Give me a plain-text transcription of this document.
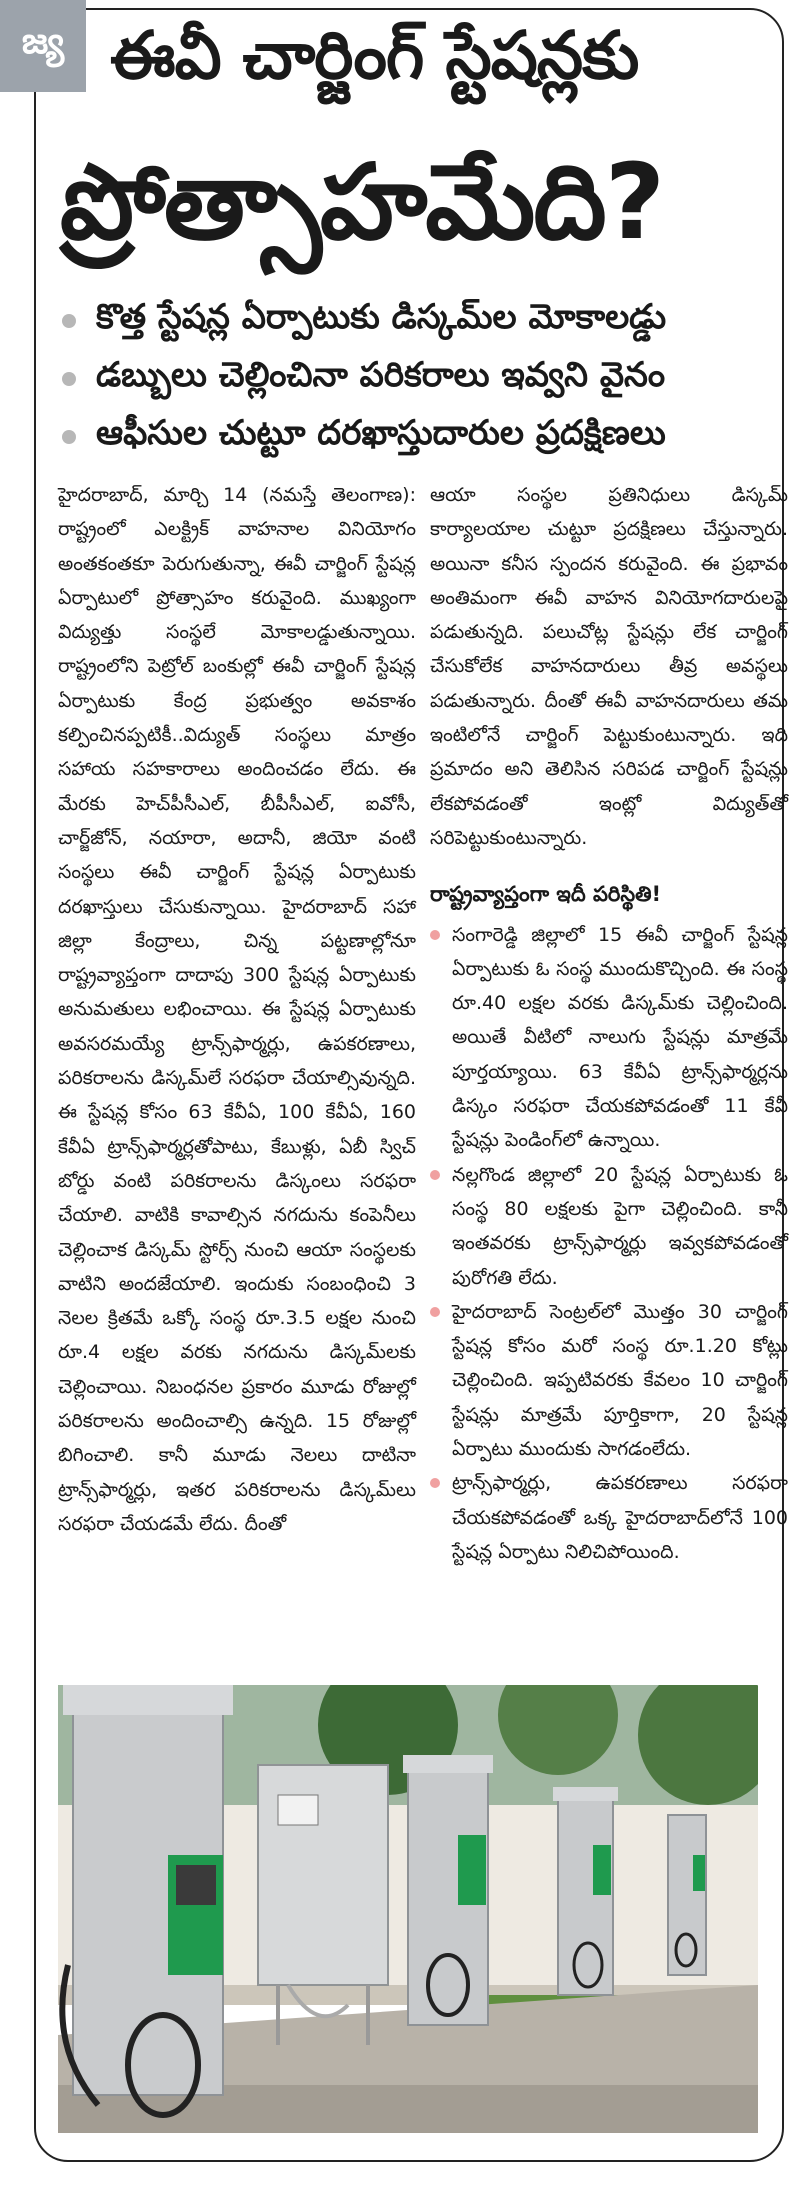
జ్య ఈవీ చార్జింగ్ స్టేషన్లకు
ప్రోత్సాహమేది?
కొత్త స్టేషన్ల ఏర్పాటుకు డిస్కమ్‌ల మోకాలడ్డు
డబ్బులు చెల్లించినా పరికరాలు ఇవ్వని వైనం
ఆఫీసుల చుట్టూ దరఖాస్తుదారుల ప్రదక్షిణలు

హైదరాబాద్, మార్చి 14 (నమస్తే తెలంగాణ): రాష్ట్రంలో ఎలక్ట్రిక్ వాహనాల వినియోగం అంతకంతకూ పెరుగుతున్నా, ఈవీ చార్జింగ్ స్టేషన్ల ఏర్పాటులో ప్రోత్సాహం కరువైంది. ముఖ్యంగా విద్యుత్తు సంస్థలే మోకాలడ్డుతున్నాయి. రాష్ట్రంలోని పెట్రోల్ బంకుల్లో ఈవీ చార్జింగ్ స్టేషన్ల ఏర్పాటుకు కేంద్ర ప్రభుత్వం అవకాశం కల్పించినప్పటికీ..విద్యుత్ సంస్థలు మాత్రం సహాయ సహకారాలు అందించడం లేదు. ఈ మేరకు హెచ్‌పీసీఎల్, బీపీసీఎల్, ఐవోసీ, చార్జ్‌జోన్, నయారా, అదానీ, జియో వంటి సంస్థలు ఈవీ చార్జింగ్ స్టేషన్ల ఏర్పాటుకు దరఖాస్తులు చేసుకున్నాయి. హైదరాబాద్ సహా జిల్లా కేంద్రాలు, చిన్న పట్టణాల్లోనూ రాష్ట్రవ్యాప్తంగా దాదాపు 300 స్టేషన్ల ఏర్పాటుకు అనుమతులు లభించాయి. ఈ స్టేషన్ల ఏర్పాటుకు అవసరమయ్యే ట్రాన్స్‌ఫార్మర్లు, ఉపకరణాలు, పరికరాలను డిస్కమ్‌లే సరఫరా చేయాల్సివున్నది. ఈ స్టేషన్ల కోసం 63 కేవీఏ, 100 కేవీఏ, 160 కేవీఏ ట్రాన్స్‌ఫార్మర్లతోపాటు, కేబుళ్లు, ఏబీ స్విచ్ బోర్డు వంటి పరికరాలను డిస్కంలు సరఫరా చేయాలి. వాటికి కావాల్సిన నగదును కంపెనీలు చెల్లించాక డిస్కమ్ స్టోర్స్ నుంచి ఆయా సంస్థలకు వాటిని అందజేయాలి. ఇందుకు సంబంధించి 3 నెలల క్రితమే ఒక్కో సంస్థ రూ.3.5 లక్షల నుంచి రూ.4 లక్షల వరకు నగదును డిస్కమ్‌లకు చెల్లించాయి. నిబంధనల ప్రకారం మూడు రోజుల్లో పరికరాలను అందించాల్సి ఉన్నది. 15 రోజుల్లో బిగించాలి. కానీ మూడు నెలలు దాటినా ట్రాన్స్‌ఫార్మర్లు, ఇతర పరికరాలను డిస్కమ్‌లు సరఫరా చేయడమే లేదు. దీంతో

ఆయా సంస్థల ప్రతినిధులు డిస్కమ్ కార్యాలయాల చుట్టూ ప్రదక్షిణలు చేస్తున్నారు. అయినా కనీస స్పందన కరువైంది. ఈ ప్రభావం అంతిమంగా ఈవీ వాహన వినియోగదారులపై పడుతున్నది. పలుచోట్ల స్టేషన్లు లేక చార్జింగ్ చేసుకోలేక వాహనదారులు తీవ్ర అవస్థలు పడుతున్నారు. దీంతో ఈవీ వాహనదారులు తమ ఇంటిలోనే చార్జింగ్ పెట్టుకుంటున్నారు. ఇది ప్రమాదం అని తెలిసిన సరిపడ చార్జింగ్ స్టేషన్లు లేకపోవడంతో ఇంట్లో విద్యుత్‌తో సరిపెట్టుకుంటున్నారు.

రాష్ట్రవ్యాప్తంగా ఇదీ పరిస్థితి!
సంగారెడ్డి జిల్లాలో 15 ఈవీ చార్జింగ్ స్టేషన్ల ఏర్పాటుకు ఓ సంస్థ ముందుకొచ్చింది. ఈ సంస్థ రూ.40 లక్షల వరకు డిస్కమ్‌కు చెల్లించింది. అయితే వీటిలో నాలుగు స్టేషన్లు మాత్రమే పూర్తయ్యాయి. 63 కేవీఏ ట్రాన్స్‌ఫార్మర్లను డిస్కం సరఫరా చేయకపోవడంతో 11 కేవీ స్టేషన్లు పెండింగ్‌లో ఉన్నాయి.
నల్లగొండ జిల్లాలో 20 స్టేషన్ల ఏర్పాటుకు ఓ సంస్థ 80 లక్షలకు పైగా చెల్లించింది. కానీ ఇంతవరకు ట్రాన్స్‌ఫార్మర్లు ఇవ్వకపోవడంతో పురోగతి లేదు.
హైదరాబాద్ సెంట్రల్‌లో మొత్తం 30 చార్జింగ్ స్టేషన్ల కోసం మరో సంస్థ రూ.1.20 కోట్లు చెల్లించింది. ఇప్పటివరకు కేవలం 10 చార్జింగ్ స్టేషన్లు మాత్రమే పూర్తికాగా, 20 స్టేషన్ల ఏర్పాటు ముందుకు సాగడంలేదు.
ట్రాన్స్‌ఫార్మర్లు, ఉపకరణాలు సరఫరా చేయకపోవడంతో ఒక్క హైదరాబాద్‌లోనే 100 స్టేషన్ల ఏర్పాటు నిలిచిపోయింది.
